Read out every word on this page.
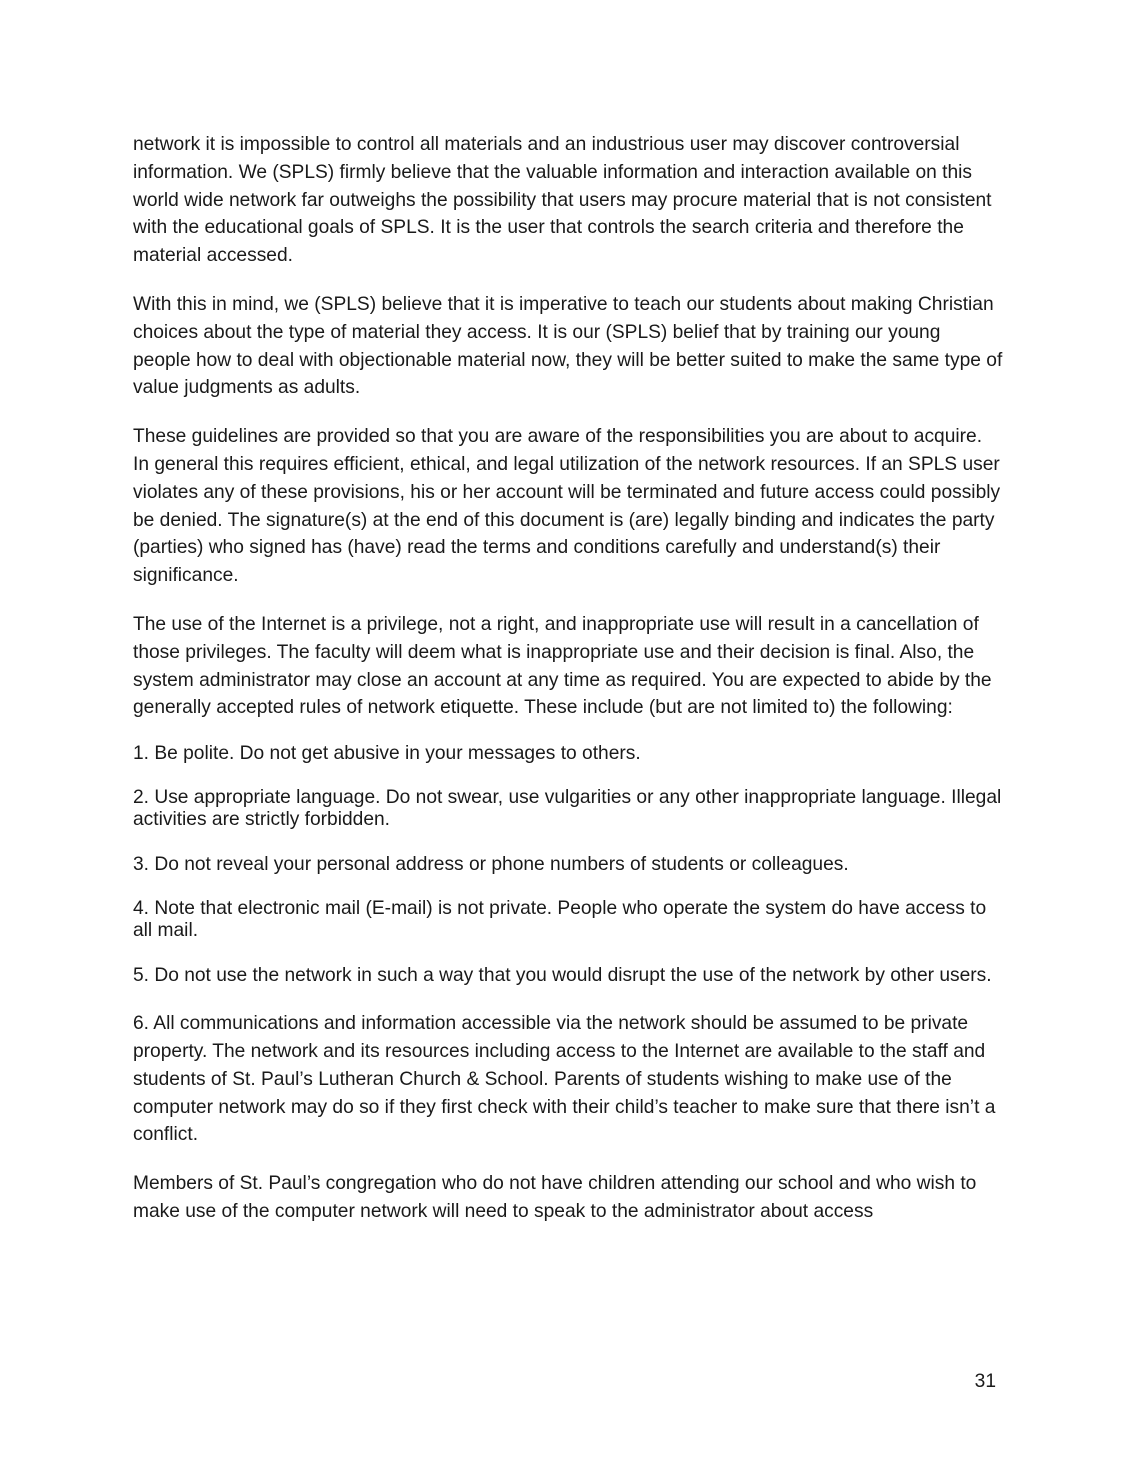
network it is impossible to control all materials and an industrious user may discover controversial information. We (SPLS) firmly believe that the valuable information and interaction available on this world wide network far outweighs the possibility that users may procure material that is not consistent with the educational goals of SPLS. It is the user that controls the search criteria and therefore the material accessed.

With this in mind, we (SPLS) believe that it is imperative to teach our students about making Christian choices about the type of material they access. It is our (SPLS) belief that by training our young people how to deal with objectionable material now, they will be better suited to make the same type of value judgments as adults.

These guidelines are provided so that you are aware of the responsibilities you are about to acquire. In general this requires efficient, ethical, and legal utilization of the network resources. If an SPLS user violates any of these provisions, his or her account will be terminated and future access could possibly be denied. The signature(s) at the end of this document is (are) legally binding and indicates the party (parties) who signed has (have) read the terms and conditions carefully and understand(s) their significance.

The use of the Internet is a privilege, not a right, and inappropriate use will result in a cancellation of those privileges. The faculty will deem what is inappropriate use and their decision is final. Also, the system administrator may close an account at any time as required. You are expected to abide by the generally accepted rules of network etiquette. These include (but are not limited to) the following:

1. Be polite. Do not get abusive in your messages to others.

2. Use appropriate language. Do not swear, use vulgarities or any other inappropriate language. Illegal activities are strictly forbidden.

3. Do not reveal your personal address or phone numbers of students or colleagues.

4. Note that electronic mail (E-mail) is not private. People who operate the system do have access to all mail.

5. Do not use the network in such a way that you would disrupt the use of the network by other users.

6. All communications and information accessible via the network should be assumed to be private property. The network and its resources including access to the Internet are available to the staff and students of St. Paul’s Lutheran Church & School. Parents of students wishing to make use of the computer network may do so if they first check with their child’s teacher to make sure that there isn’t a conflict.

Members of St. Paul’s congregation who do not have children attending our school and who wish to make use of the computer network will need to speak to the administrator about access

31
